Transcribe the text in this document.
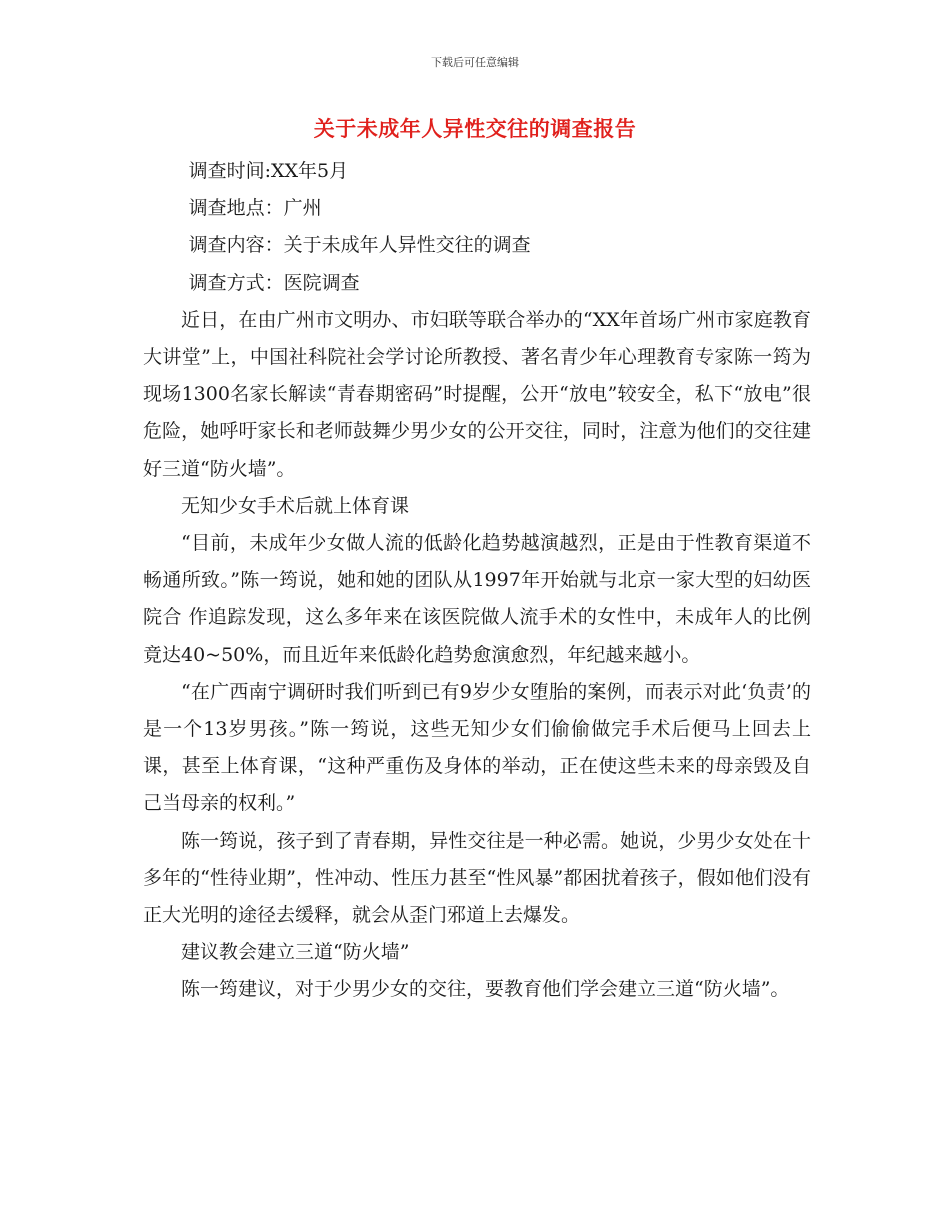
下载后可任意编辑
关于未成年人异性交往的调查报告

调查时间:XX年5月

调查地点：广州

调查内容：关于未成年人异性交往的调查

调查方式：医院调查

近日，在由广州市文明办、市妇联等联合举办的“XX年首场广州市家庭教育大讲堂”上，中国社科院社会学讨论所教授、著名青少年心理教育专家陈一筠为现场1300名家长解读“青春期密码”时提醒，公开“放电”较安全，私下“放电”很危险，她呼吁家长和老师鼓舞少男少女的公开交往，同时，注意为他们的交往建好三道“防火墙”。

无知少女手术后就上体育课

“目前，未成年少女做人流的低龄化趋势越演越烈，正是由于性教育渠道不畅通所致。”陈一筠说，她和她的团队从1997年开始就与北京一家大型的妇幼医院合 作追踪发现，这么多年来在该医院做人流手术的女性中，未成年人的比例竟达40~50%，而且近年来低龄化趋势愈演愈烈，年纪越来越小。

“在广西南宁调研时我们听到已有9岁少女堕胎的案例，而表示对此‘负责’的是一个13岁男孩。”陈一筠说，这些无知少女们偷偷做完手术后便马上回去上课，甚至上体育课，“这种严重伤及身体的举动，正在使这些未来的母亲毁及自己当母亲的权利。”

陈一筠说，孩子到了青春期，异性交往是一种必需。她说，少男少女处在十多年的“性待业期”，性冲动、性压力甚至“性风暴”都困扰着孩子，假如他们没有正大光明的途径去缓释，就会从歪门邪道上去爆发。

建议教会建立三道“防火墙”

陈一筠建议，对于少男少女的交往，要教育他们学会建立三道“防火墙”。
